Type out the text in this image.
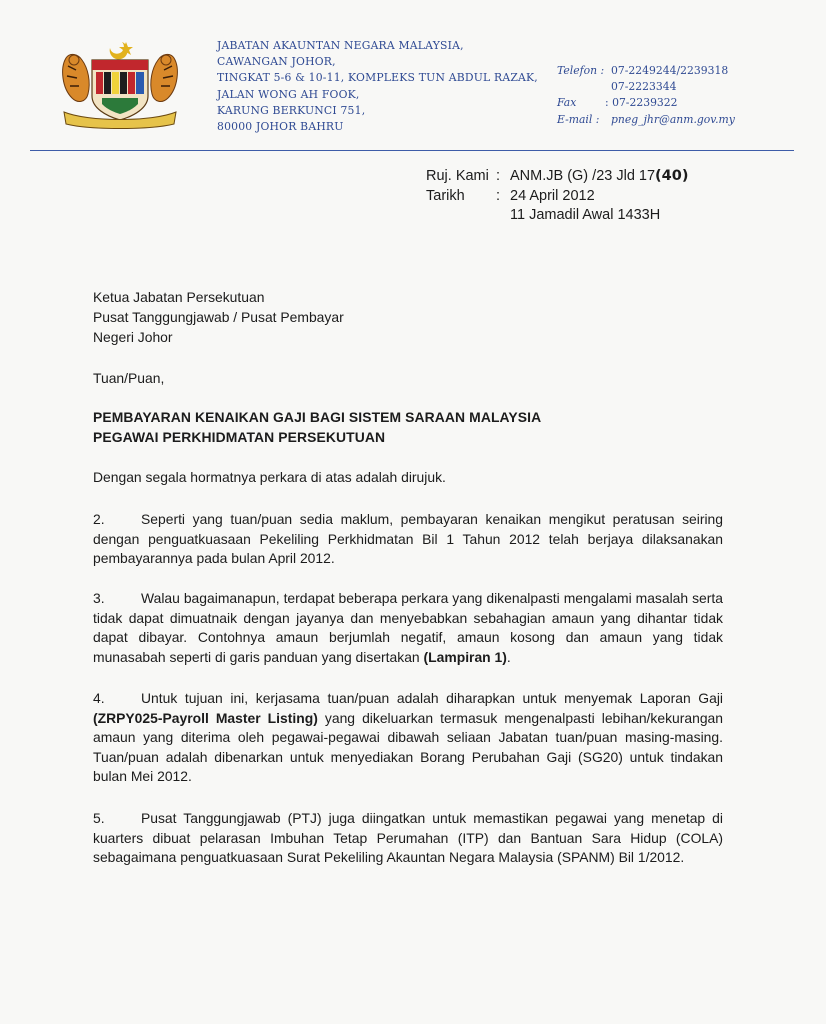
JABATAN AKAUNTAN NEGARA MALAYSIA,
CAWANGAN JOHOR,
TINGKAT 5-6 & 10-11, KOMPLEKS TUN ABDUL RAZAK,
JALAN WONG AH FOOK,
KARUNG BERKUNCI 751,
80000 JOHOR BAHRU
Telefon : 07-2249244/2239318
07-2223344
Fax	: 07-2239322
E-mail :	pneg_jhr@anm.gov.my
Ruj. Kami : ANM.JB (G) /23 Jld 17 (40)
Tarikh	: 24 April 2012
11 Jamadil Awal 1433H
Ketua Jabatan Persekutuan
Pusat Tanggungjawab / Pusat Pembayar
Negeri Johor
Tuan/Puan,
PEMBAYARAN KENAIKAN GAJI BAGI SISTEM SARAAN MALAYSIA
PEGAWAI PERKHIDMATAN PERSEKUTUAN
Dengan segala hormatnya perkara di atas adalah dirujuk.
2.	Seperti yang tuan/puan sedia maklum, pembayaran kenaikan mengikut peratusan seiring dengan penguatkuasaan Pekeliling Perkhidmatan Bil 1 Tahun 2012 telah berjaya dilaksanakan pembayarannya pada bulan April 2012.
3.	Walau bagaimanapun, terdapat beberapa perkara yang dikenalpasti mengalami masalah serta tidak dapat dimuatnaik dengan jayanya dan menyebabkan sebahagian amaun yang dihantar tidak dapat dibayar. Contohnya amaun berjumlah negatif, amaun kosong dan amaun yang tidak munasabah seperti di garis panduan yang disertakan (Lampiran 1).
4.	Untuk tujuan ini, kerjasama tuan/puan adalah diharapkan untuk menyemak Laporan Gaji (ZRPY025-Payroll Master Listing) yang dikeluarkan termasuk mengenalpasti lebihan/kekurangan amaun yang diterima oleh pegawai-pegawai dibawah seliaan Jabatan tuan/puan masing-masing. Tuan/puan adalah dibenarkan untuk menyediakan Borang Perubahan Gaji (SG20) untuk tindakan bulan Mei 2012.
5.	Pusat Tanggungjawab (PTJ) juga diingatkan untuk memastikan pegawai yang menetap di kuarters dibuat pelarasan Imbuhan Tetap Perumahan (ITP) dan Bantuan Sara Hidup (COLA) sebagaimana penguatkuasaan Surat Pekeliling Akauntan Negara Malaysia (SPANM) Bil 1/2012.
